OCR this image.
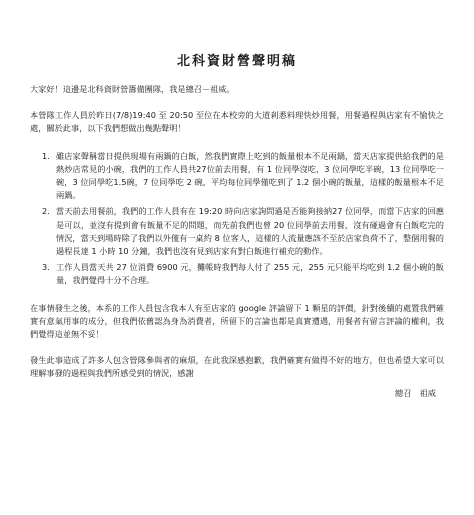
北科資財營聲明稿

大家好！這邊是北科資財營籌備團隊，我是總召－祖威。

本營隊工作人員於昨日(7/8)19:40 至 20:50 至位在本校旁的大道剎悉料理快炒用餐，用餐過程與店家有不愉快之處，關於此事，以下我們想做出幾點聲明！

1. 雖店家聲稱當日提供現場有兩鍋的白飯，然我們實際上吃到的飯量根本不足兩鍋，當天店家提供給我們的是熱炒店常見的小碗，我們的工作人員共27位前去用餐，有 1 位同學沒吃，3 位同學吃半碗，13 位同學吃一碗，3 位同學吃1.5碗，7 位同學吃 2 碗，平均每位同學僅吃到了 1.2 個小碗的飯量，這樣的飯量根本不足兩鍋。

2. 當天前去用餐前，我們的工作人員有在 19:20 時向店家詢問過是否能夠接納27 位同學，而當下店家的回應是可以，並沒有提到會有飯量不足的問題，而先前我們也曾 20 位同學前去用餐，沒有碰過會有白飯吃完的情況，當天到場時除了我們以外僅有一桌約 8 位客人，這樣的人流量應該不至於店家負荷不了，整個用餐的過程長達 1 小時 10 分鐘，我們也沒有見到店家有對白飯進行補充的動作。

3. 工作人員當天共 27 位消費 6900 元，攤帳時我們每人付了 255 元，255 元只能平均吃到 1.2 個小碗的飯量，我們覺得十分不合理。

在事情發生之後，本系的工作人員包含我本人有至店家的 google 評論留下 1 顆星的評價，針對後續的處置我們確實有意氣用事的成分，但我們依舊認為身為消費者，所留下的言論也都是真實遭遇，用餐者有留言評論的權利，我們覺得這並無不妥！

發生此事造成了許多人包含營隊參與者的麻煩，在此我深感抱歉，我們確實有做得不好的地方，但也希望大家可以理解事發的過程與我們所感受到的情況，感謝

總召　祖威
